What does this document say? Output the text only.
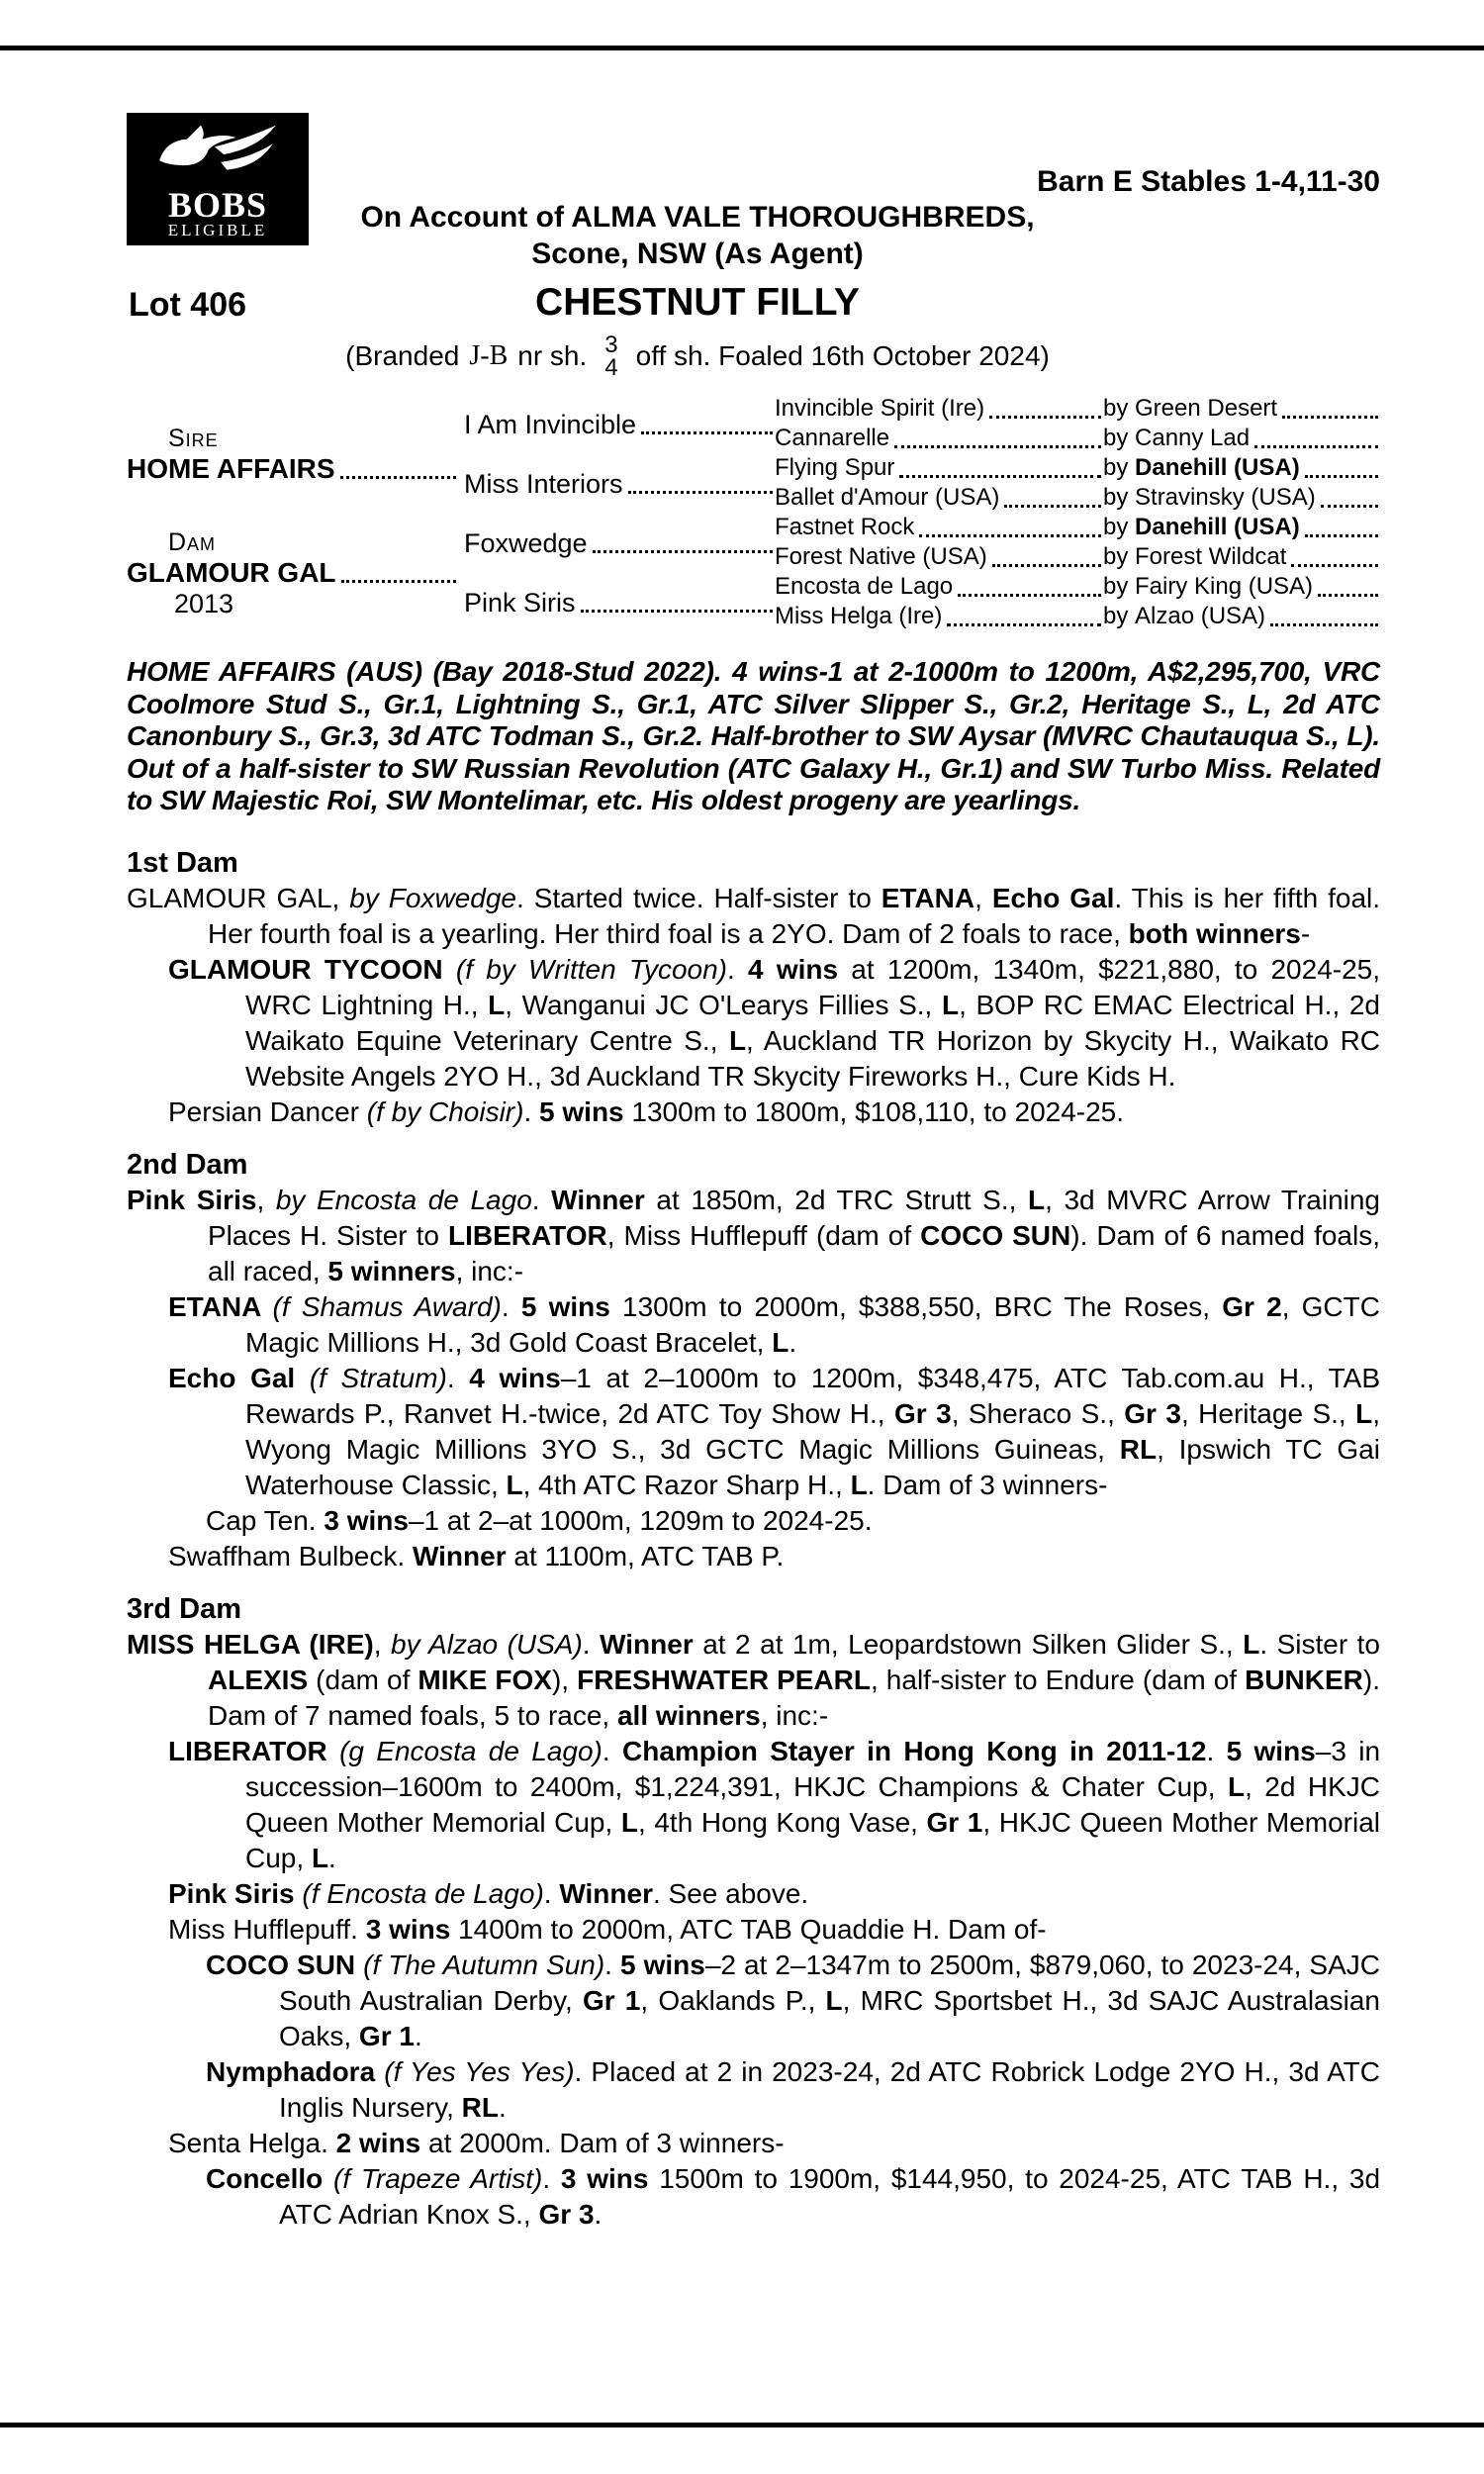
BOBS
ELIGIBLE
Barn E Stables 1-4,11-30
On Account of ALMA VALE THOROUGHBREDS,
Scone, NSW (As Agent)
Lot 406	CHESTNUT FILLY
(Branded J-B nr sh. 3
4 off sh. Foaled 16th October 2024)
Sire
HOME AFFAIRS
Dam
GLAMOUR GAL
2013
I Am Invincible
Miss Interiors
Foxwedge
Pink Siris
Invincible Spirit (Ire)	by Green Desert
Cannarelle	by Canny Lad
Flying Spur	by Danehill (USA)
Ballet d'Amour (USA)	by Stravinsky (USA)
Fastnet Rock	by Danehill (USA)
Forest Native (USA)	by Forest Wildcat
Encosta de Lago	by Fairy King (USA)
Miss Helga (Ire)	by Alzao (USA)

HOME AFFAIRS (AUS) (Bay 2018-Stud 2022). 4 wins-1 at 2-1000m to 1200m, A$2,295,700, VRC Coolmore Stud S., Gr.1, Lightning S., Gr.1, ATC Silver Slipper S., Gr.2, Heritage S., L, 2d ATC Canonbury S., Gr.3, 3d ATC Todman S., Gr.2. Half-brother to SW Aysar (MVRC Chautauqua S., L). Out of a half-sister to SW Russian Revolution (ATC Galaxy H., Gr.1) and SW Turbo Miss. Related to SW Majestic Roi, SW Montelimar, etc. His oldest progeny are yearlings.

1st Dam

GLAMOUR GAL, by Foxwedge. Started twice. Half-sister to ETANA, Echo Gal. This is her fifth foal. Her fourth foal is a yearling. Her third foal is a 2YO. Dam of 2 foals to race, both winners-

GLAMOUR TYCOON (f by Written Tycoon). 4 wins at 1200m, 1340m, $221,880, to 2024-25, WRC Lightning H., L, Wanganui JC O'Learys Fillies S., L, BOP RC EMAC Electrical H., 2d Waikato Equine Veterinary Centre S., L, Auckland TR Horizon by Skycity H., Waikato RC Website Angels 2YO H., 3d Auckland TR Skycity Fireworks H., Cure Kids H.

Persian Dancer (f by Choisir). 5 wins 1300m to 1800m, $108,110, to 2024-25.

2nd Dam

Pink Siris, by Encosta de Lago. Winner at 1850m, 2d TRC Strutt S., L, 3d MVRC Arrow Training Places H. Sister to LIBERATOR, Miss Hufflepuff (dam of COCO SUN). Dam of 6 named foals, all raced, 5 winners, inc:-

ETANA (f Shamus Award). 5 wins 1300m to 2000m, $388,550, BRC The Roses, Gr 2, GCTC Magic Millions H., 3d Gold Coast Bracelet, L.

Echo Gal (f Stratum). 4 wins–1 at 2–1000m to 1200m, $348,475, ATC Tab.com.au H., TAB Rewards P., Ranvet H.-twice, 2d ATC Toy Show H., Gr 3, Sheraco S., Gr 3, Heritage S., L, Wyong Magic Millions 3YO S., 3d GCTC Magic Millions Guineas, RL, Ipswich TC Gai Waterhouse Classic, L, 4th ATC Razor Sharp H., L. Dam of 3 winners-

Cap Ten. 3 wins–1 at 2–at 1000m, 1209m to 2024-25.

Swaffham Bulbeck. Winner at 1100m, ATC TAB P.

3rd Dam

MISS HELGA (IRE), by Alzao (USA). Winner at 2 at 1m, Leopardstown Silken Glider S., L. Sister to ALEXIS (dam of MIKE FOX), FRESHWATER PEARL, half-sister to Endure (dam of BUNKER). Dam of 7 named foals, 5 to race, all winners, inc:-

LIBERATOR (g Encosta de Lago). Champion Stayer in Hong Kong in 2011-12. 5 wins–3 in succession–1600m to 2400m, $1,224,391, HKJC Champions & Chater Cup, L, 2d HKJC Queen Mother Memorial Cup, L, 4th Hong Kong Vase, Gr 1, HKJC Queen Mother Memorial Cup, L.

Pink Siris (f Encosta de Lago). Winner. See above.

Miss Hufflepuff. 3 wins 1400m to 2000m, ATC TAB Quaddie H. Dam of-

COCO SUN (f The Autumn Sun). 5 wins–2 at 2–1347m to 2500m, $879,060, to 2023-24, SAJC South Australian Derby, Gr 1, Oaklands P., L, MRC Sportsbet H., 3d SAJC Australasian Oaks, Gr 1.

Nymphadora (f Yes Yes Yes). Placed at 2 in 2023-24, 2d ATC Robrick Lodge 2YO H., 3d ATC Inglis Nursery, RL.

Senta Helga. 2 wins at 2000m. Dam of 3 winners-

Concello (f Trapeze Artist). 3 wins 1500m to 1900m, $144,950, to 2024-25, ATC TAB H., 3d ATC Adrian Knox S., Gr 3.
